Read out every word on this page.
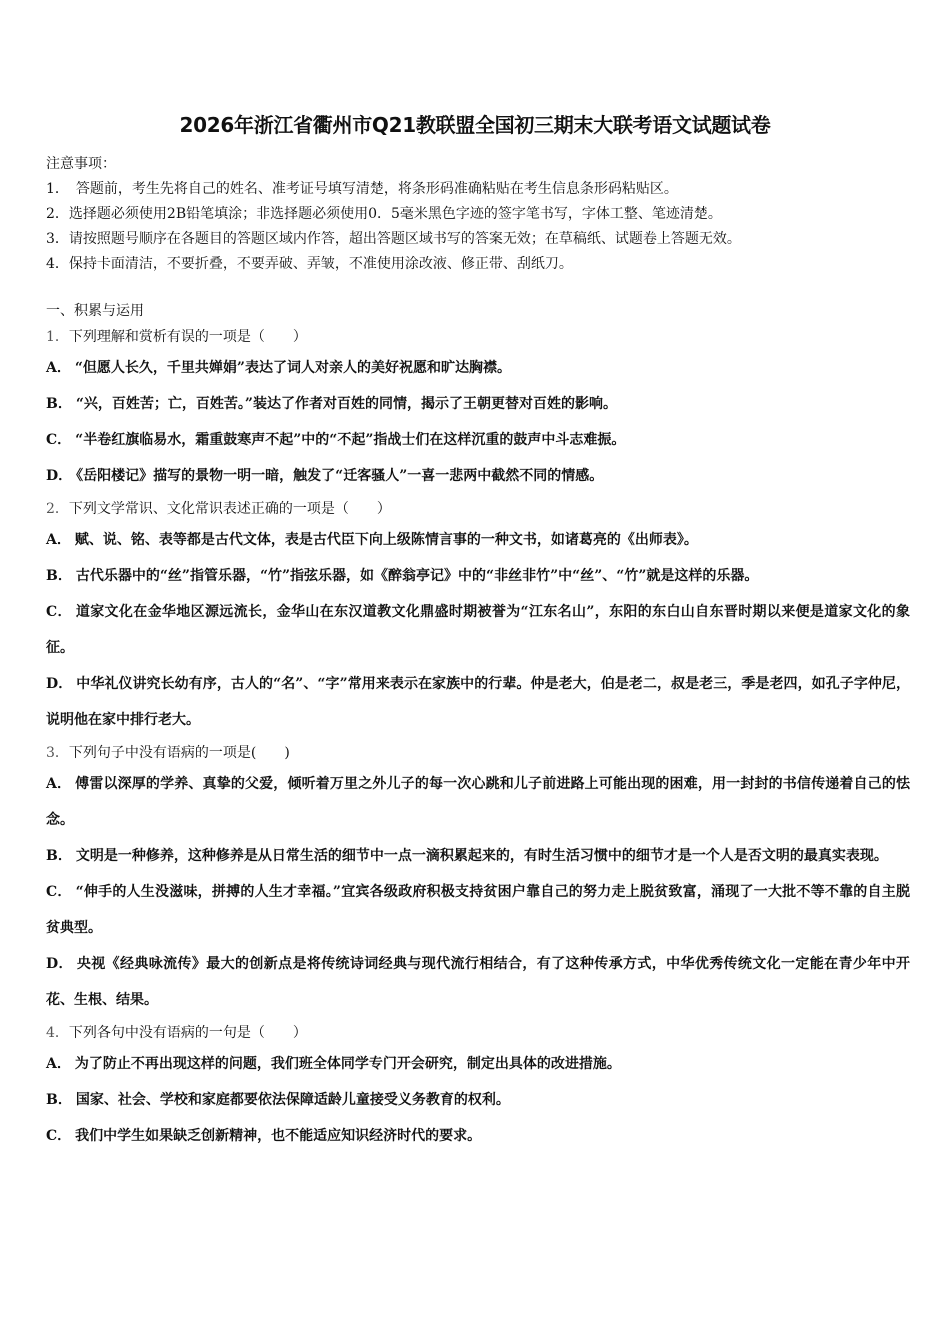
2026年浙江省衢州市Q21教联盟全国初三期末大联考语文试题试卷
注意事项：
1．　答题前，考生先将自己的姓名、准考证号填写清楚，将条形码准确粘贴在考生信息条形码粘贴区。
2．选择题必须使用2B铅笔填涂；非选择题必须使用0．5毫米黑色字迹的签字笔书写，字体工整、笔迹清楚。
3．请按照题号顺序在各题目的答题区域内作答，超出答题区域书写的答案无效；在草稿纸、试题卷上答题无效。
4．保持卡面清洁，不要折叠，不要弄破、弄皱，不准使用涂改液、修正带、刮纸刀。
一、积累与运用
1．下列理解和赏析有误的一项是（　　）
A． “但愿人长久，千里共婵娟”表达了词人对亲人的美好祝愿和旷达胸襟。
B． “兴，百姓苦；亡，百姓苦。”装达了作者对百姓的同情，揭示了王朝更替对百姓的影响。
C． “半卷红旗临易水，霜重鼓寒声不起”中的“不起”指战士们在这样沉重的鼓声中斗志难振。
D． 《岳阳楼记》描写的景物一明一暗，触发了“迁客骚人”一喜一悲两中截然不同的情感。
2．下列文学常识、文化常识表述正确的一项是（　　）
A． 赋、说、铭、表等都是古代文体，表是古代臣下向上级陈情言事的一种文书，如诸葛亮的《出师表》。
B． 古代乐器中的“丝”指管乐器，“竹”指弦乐器，如《醉翁亭记》中的“非丝非竹”中“丝”、“竹”就是这样的乐器。
C． 道家文化在金华地区源远流长，金华山在东汉道教文化鼎盛时期被誉为“江东名山”，东阳的东白山自东晋时期以来便是道家文化的象征。
D． 中华礼仪讲究长幼有序，古人的“名”、“字”常用来表示在家族中的行辈。仲是老大，伯是老二，叔是老三，季是老四，如孔子字仲尼，说明他在家中排行老大。
3．下列句子中没有语病的一项是(　　)
A． 傅雷以深厚的学养、真挚的父爱，倾听着万里之外儿子的每一次心跳和儿子前进路上可能出现的困难，用一封封的书信传递着自己的怯念。
B． 文明是一种修养，这种修养是从日常生活的细节中一点一滴积累起来的，有时生活习惯中的细节才是一个人是否文明的最真实表现。
C． “伸手的人生没滋味，拼搏的人生才幸福。”宜宾各级政府积极支持贫困户靠自己的努力走上脱贫致富，涌现了一大批不等不靠的自主脱贫典型。
D． 央视《经典咏流传》最大的创新点是将传统诗词经典与现代流行相结合，有了这种传承方式，中华优秀传统文化一定能在青少年中开花、生根、结果。
4．下列各句中没有语病的一句是（　　）
A． 为了防止不再出现这样的问题，我们班全体同学专门开会研究，制定出具体的改进措施。
B． 国家、社会、学校和家庭都要依法保障适龄儿童接受义务教育的权利。
C． 我们中学生如果缺乏创新精神，也不能适应知识经济时代的要求。
